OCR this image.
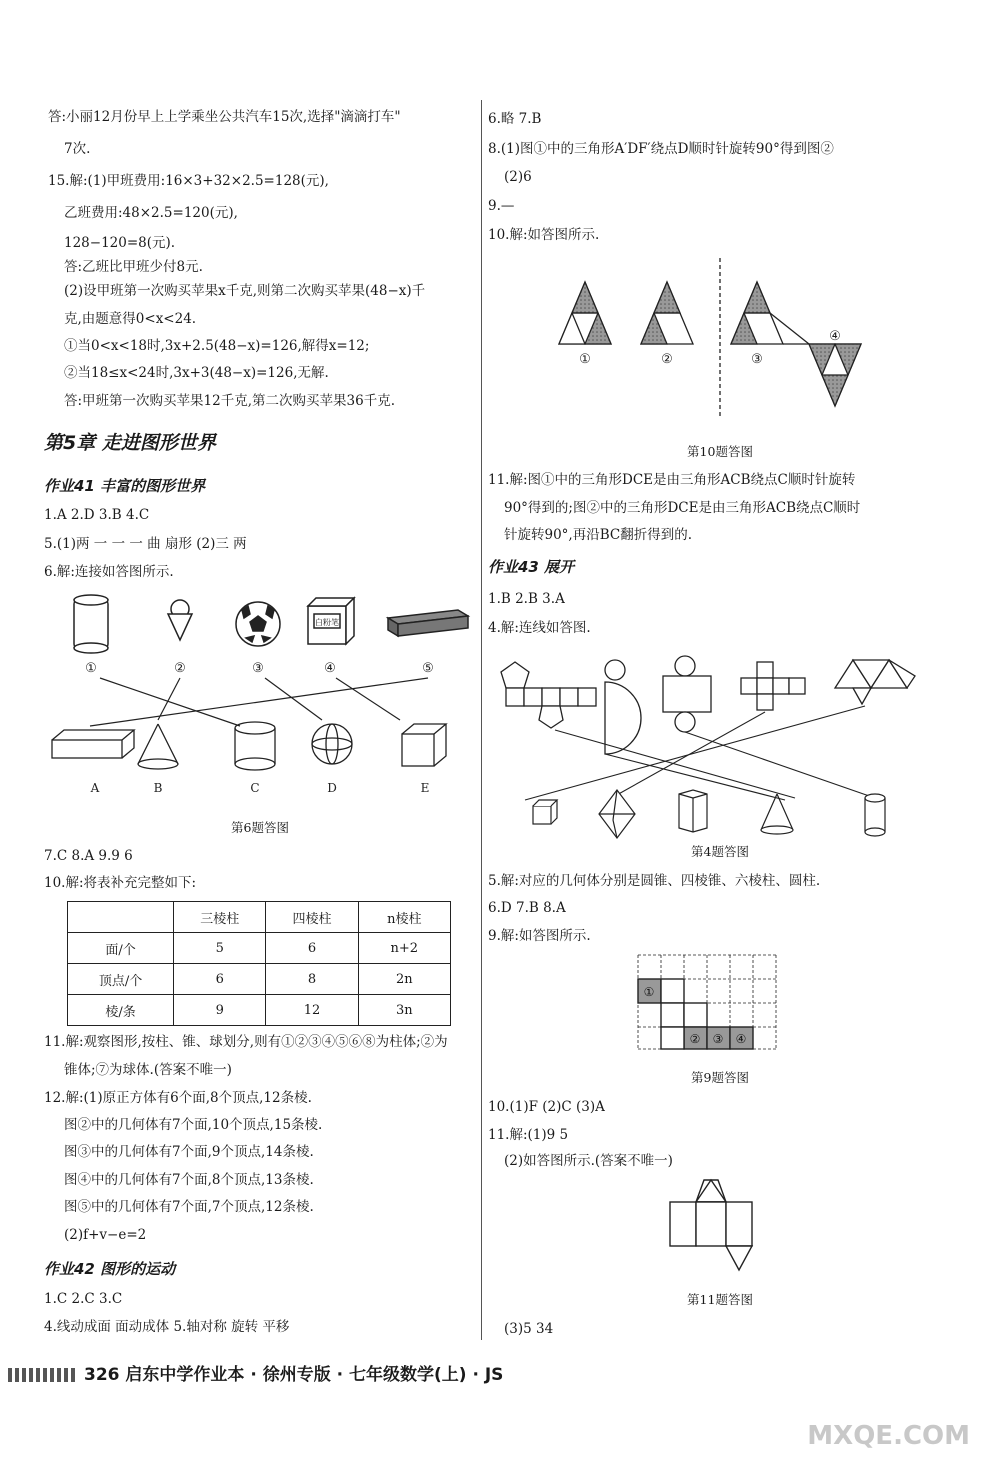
答:小丽12月份早上上学乘坐公共汽车15次,选择"滴滴打车"
7次.
15.解:(1)甲班费用:16×3+32×2.5=128(元),
乙班费用:48×2.5=120(元),
128−120=8(元).
答:乙班比甲班少付8元.
(2)设甲班第一次购买苹果x千克,则第二次购买苹果(48−x)千
克,由题意得0<x<24.
①当0<x<18时,3x+2.5(48−x)=126,解得x=12;
②当18≤x<24时,3x+3(48−x)=126,无解.
答:甲班第一次购买苹果12千克,第二次购买苹果36千克.
第5章 走进图形世界
作业41 丰富的图形世界
1.A 2.D 3.B 4.C
5.(1)两 一 一 一 曲 扇形 (2)三 两
6.解:连接如答图所示.
白粉笔
①	②	③	④	⑤
A	B	C	D	E
第6题答图
7.C 8.A 9.9 6
10.解:将表补充完整如下:
	三棱柱	四棱柱	n棱柱
面/个	5	6	n+2
顶点/个	6	8	2n
棱/条	9	12	3n
11.解:观察图形,按柱、锥、球划分,则有①②③④⑤⑥⑧为柱体;②为
锥体;⑦为球体.(答案不唯一)
12.解:(1)原正方体有6个面,8个顶点,12条棱.
图②中的几何体有7个面,10个顶点,15条棱.
图③中的几何体有7个面,9个顶点,14条棱.
图④中的几何体有7个面,8个顶点,13条棱.
图⑤中的几何体有7个面,7个顶点,12条棱.
(2)f+v−e=2
作业42 图形的运动
1.C 2.C 3.C
4.线动成面 面动成体 5.轴对称 旋转 平移
6.略 7.B
8.(1)图①中的三角形A′DF′绕点D顺时针旋转90°得到图②
(2)6
9.—
10.解:如答图所示.
①	②	③
④
第10题答图
11.解:图①中的三角形DCE是由三角形ACB绕点C顺时针旋转
90°得到的;图②中的三角形DCE是由三角形ACB绕点C顺时
针旋转90°,再沿BC翻折得到的.
作业43 展开
1.B 2.B 3.A
4.解:连线如答图.
第4题答图
5.解:对应的几何体分别是圆锥、四棱锥、六棱柱、圆柱.
6.D 7.B 8.A
9.解:如答图所示.
①
② ③ ④
第9题答图
10.(1)F (2)C (3)A
11.解:(1)9 5
(2)如答图所示.(答案不唯一)
第11题答图
(3)5 34
326 启东中学作业本 · 徐州专版 · 七年级数学(上) · JS
MXQE.COM
